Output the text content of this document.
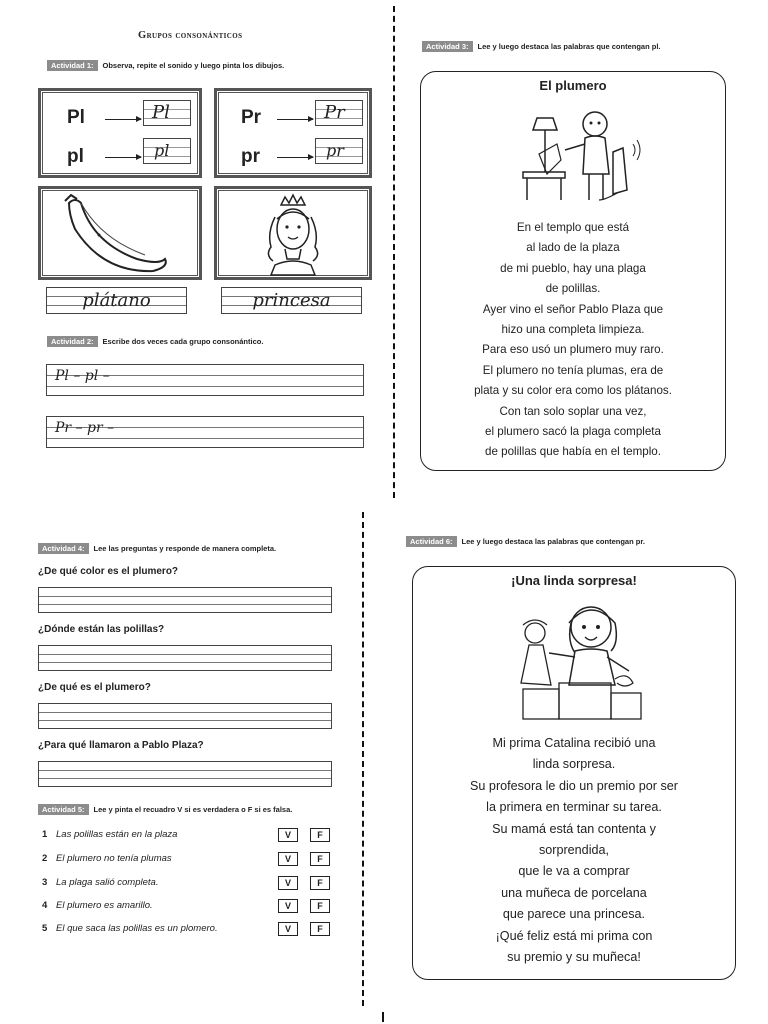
Grupos consonánticos
Actividad 1: Observa, repite el sonido y luego pinta los dibujos.
Pl
pl
Pl
pl
Pr
pr
Pr
pr
plátano	princesa
Actividad 2: Escribe dos veces cada grupo consonántico.
Pl – pl –
Pr – pr –
Actividad 3: Lee y luego destaca las palabras que contengan pl.
El plumero
En el templo que está
al lado de la plaza
de mi pueblo, hay una plaga
de polillas.
Ayer vino el señor Pablo Plaza que
hizo una completa limpieza.
Para eso usó un plumero muy raro.
El plumero no tenía plumas, era de
plata y su color era como los plátanos.
Con tan solo soplar una vez,
el plumero sacó la plaga completa
de polillas que había en el templo.
Actividad 4: Lee las preguntas y responde de manera completa.
¿De qué color es el plumero?
¿Dónde están las polillas?
¿De qué es el plumero?
¿Para qué llamaron a Pablo Plaza?
Actividad 5: Lee y pinta el recuadro V si es verdadera o F si es falsa.
1 Las polillas están en la plaza	V	F
2 El plumero no tenía plumas	V	F
3 La plaga salió completa.	V	F
4 El plumero es amarillo.	V	F
5 El que saca las polillas es un plomero.	V	F
Actividad 6: Lee y luego destaca las palabras que contengan pr.
¡Una linda sorpresa!
Mi prima Catalina recibió una
linda sorpresa.
Su profesora le dio un premio por ser
la primera en terminar su tarea.
Su mamá está tan contenta y
sorprendida,
que le va a comprar
una muñeca de porcelana
que parece una princesa.
¡Qué feliz está mi prima con
su premio y su muñeca!
